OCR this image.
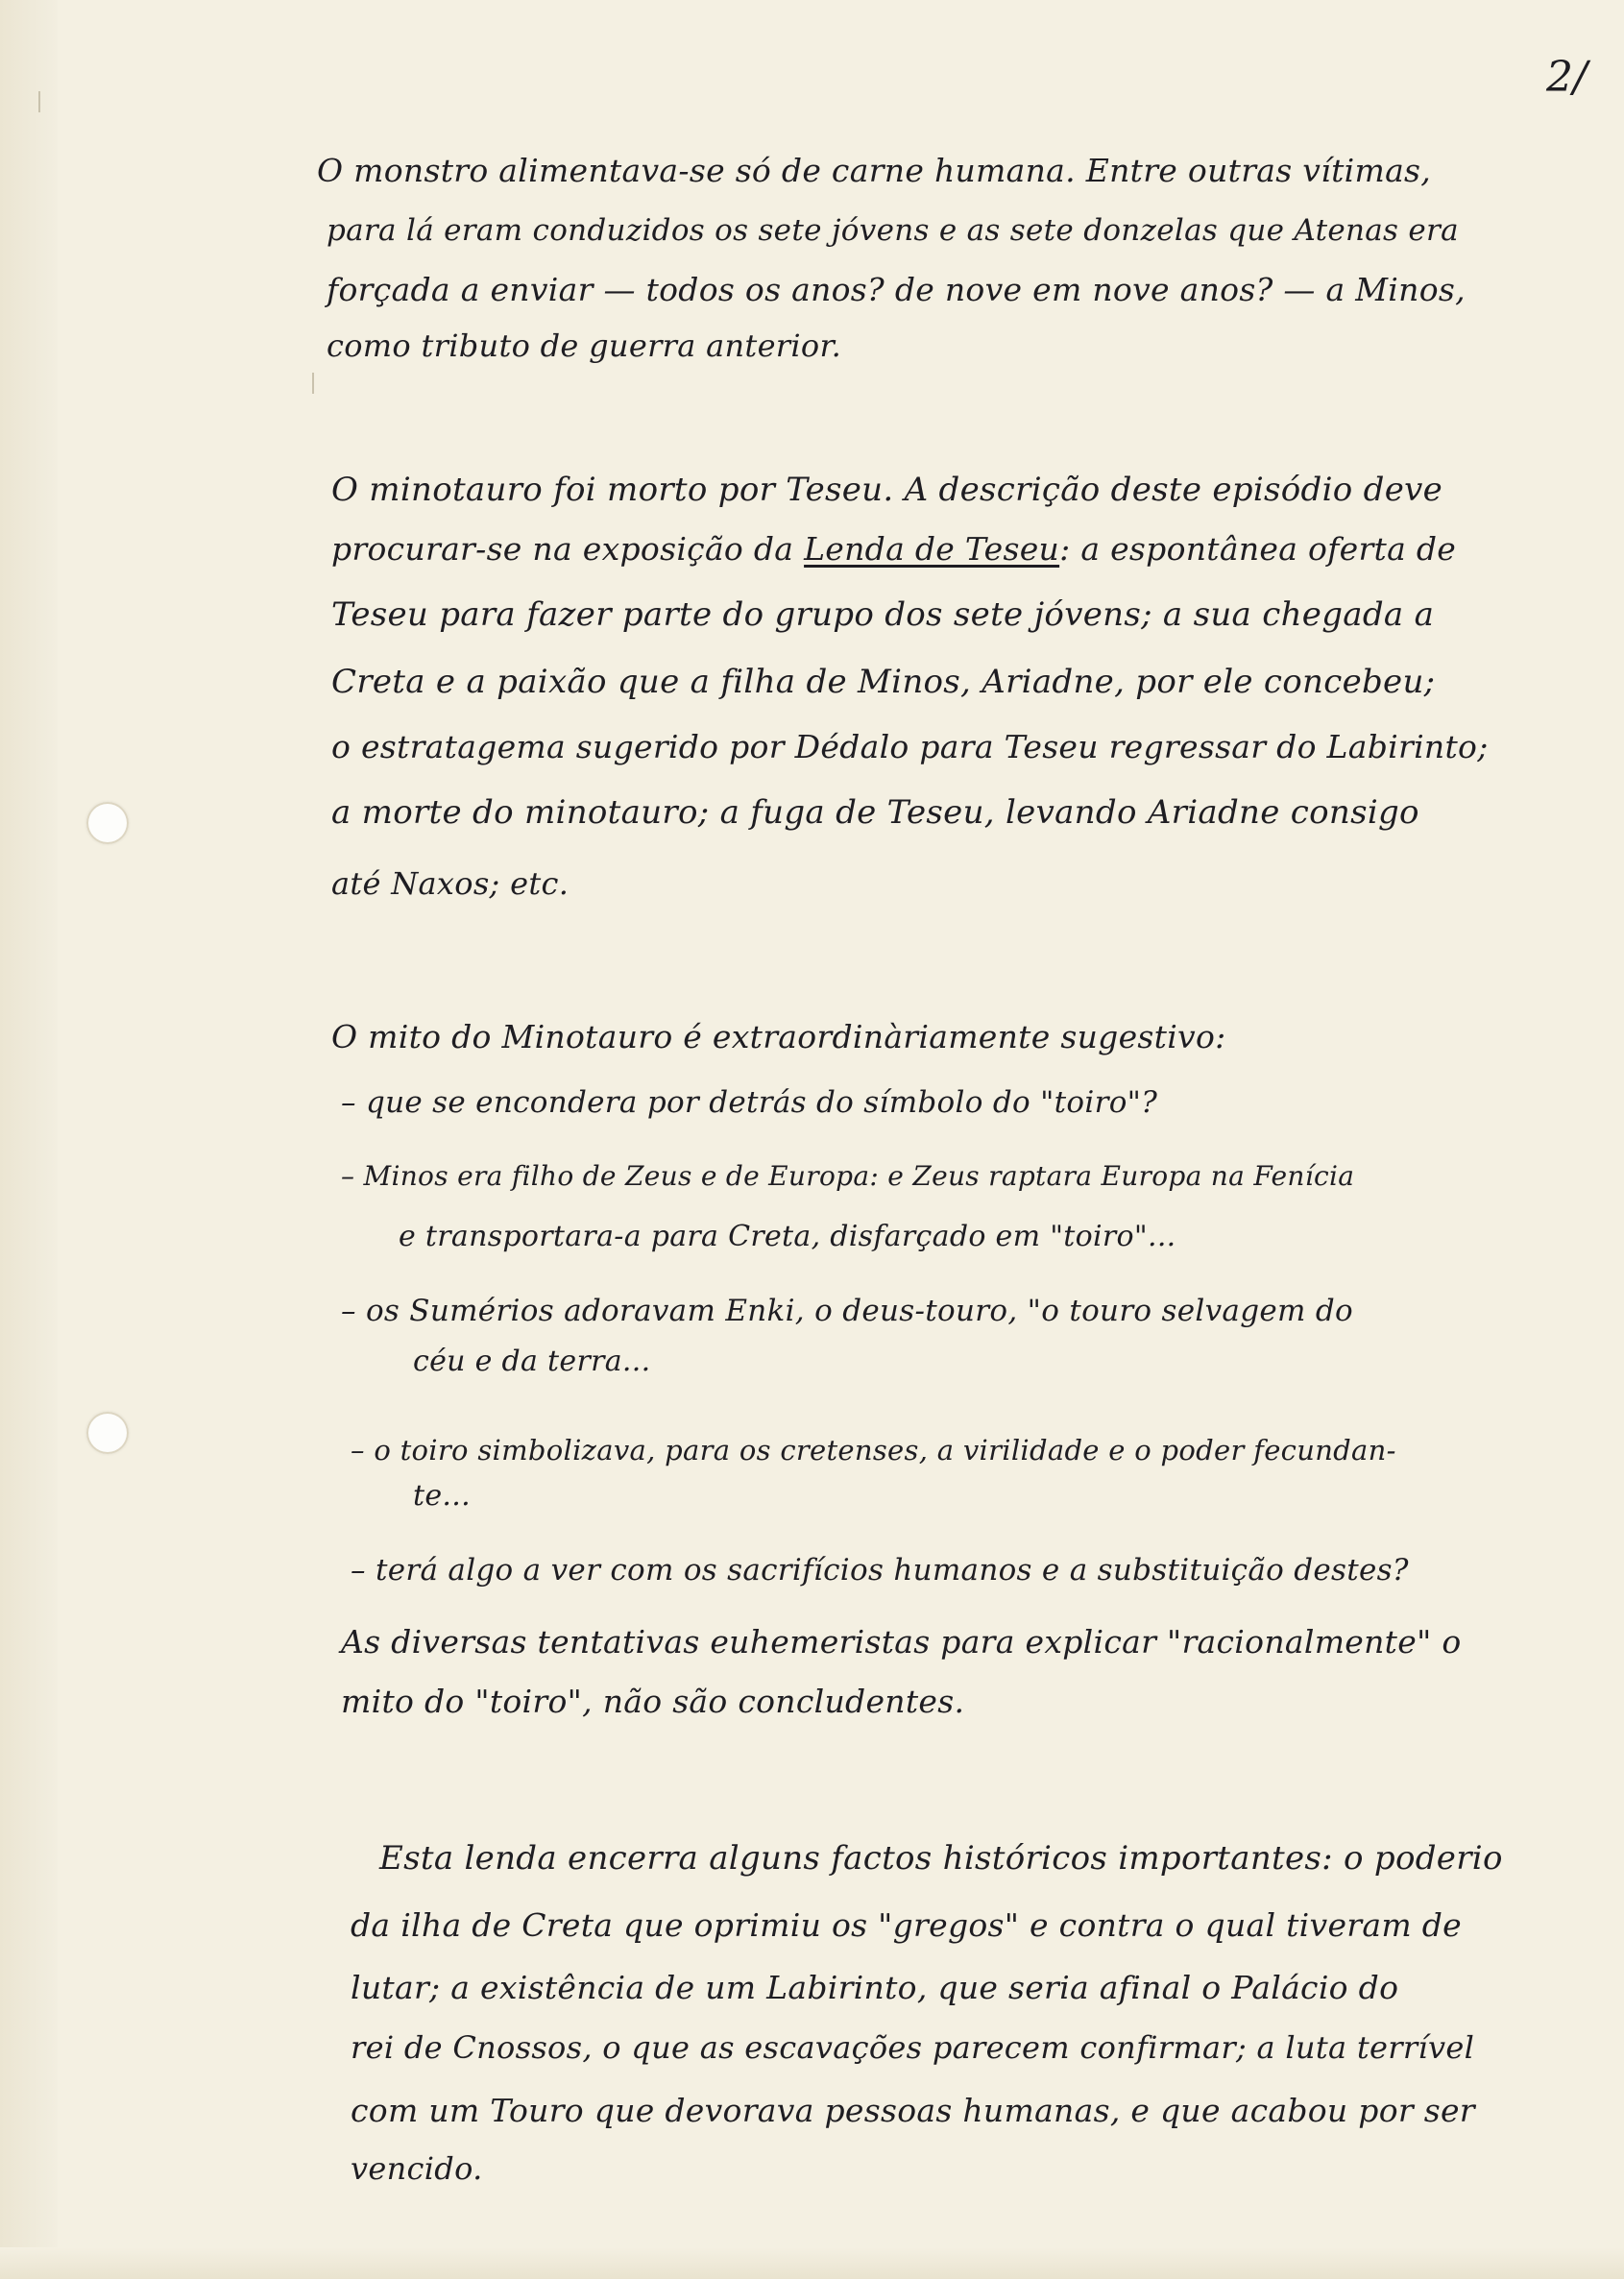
2/

O monstro alimentava-se só de carne humana. Entre outras vítimas,

para lá eram conduzidos os sete jóvens e as sete donzelas que Atenas era

forçada a enviar — todos os anos? de nove em nove anos? — a Minos,

como tributo de guerra anterior.

O minotauro foi morto por Teseu. A descrição deste episódio deve

procurar-se na exposição da Lenda de Teseu: a espontânea oferta de

Teseu para fazer parte do grupo dos sete jóvens; a sua chegada a

Creta e a paixão que a filha de Minos, Ariadne, por ele concebeu;

o estratagema sugerido por Dédalo para Teseu regressar do Labirinto;

a morte do minotauro; a fuga de Teseu, levando Ariadne consigo

até Naxos; etc.

O mito do Minotauro é extraordinàriamente sugestivo:

– que se encondera por detrás do símbolo do "toiro"?

– Minos era filho de Zeus e de Europa: e Zeus raptara Europa na Fenícia

e transportara-a para Creta, disfarçado em "toiro"...

– os Sumérios adoravam Enki, o deus-touro, "o touro selvagem do

céu e da terra...

– o toiro simbolizava, para os cretenses, a virilidade e o poder fecundan-

te...

– terá algo a ver com os sacrifícios humanos e a substituição destes?

As diversas tentativas euhemeristas para explicar "racionalmente" o

mito do "toiro", não são concludentes.

Esta lenda encerra alguns factos históricos importantes: o poderio

da ilha de Creta que oprimiu os "gregos" e contra o qual tiveram de

lutar; a existência de um Labirinto, que seria afinal o Palácio do

rei de Cnossos, o que as escavações parecem confirmar; a luta terrível

com um Touro que devorava pessoas humanas, e que acabou por ser

vencido.
